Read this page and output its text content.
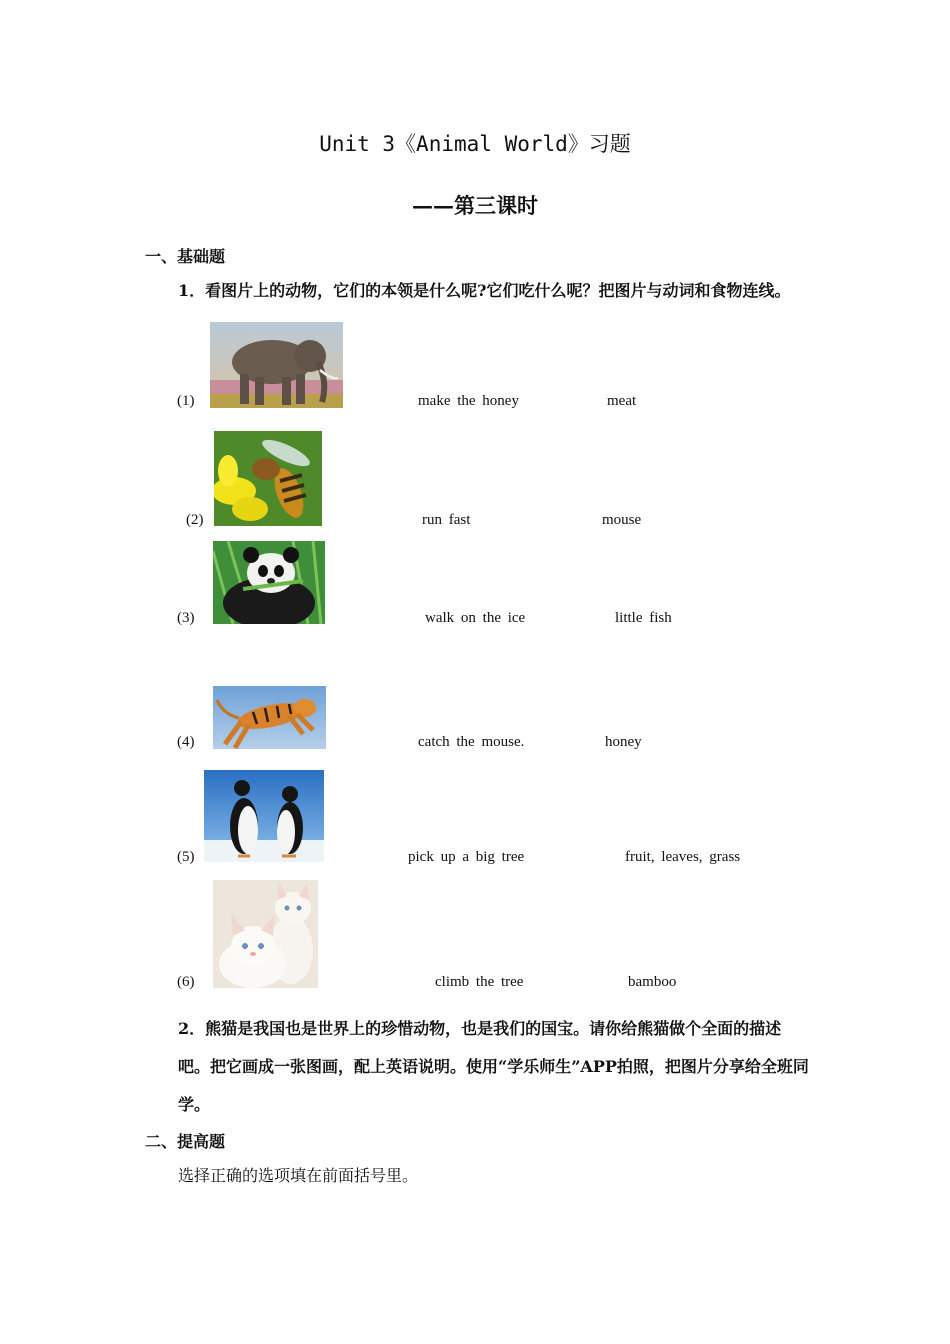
Unit 3《Animal World》习题
——第三课时
一、基础题
1．看图片上的动物，它们的本领是什么呢?它们吃什么呢？把图片与动词和食物连线。
(1)	make the honey	meat
(2)	run fast	mouse
(3)	walk on the ice	little fish
(4)	catch the mouse.	honey
(5)	pick up a big tree	fruit, leaves, grass
(6)	climb the tree	bamboo
2．熊猫是我国也是世界上的珍惜动物，也是我们的国宝。请你给熊猫做个全面的描述吧。把它画成一张图画，配上英语说明。使用“学乐师生”APP拍照，把图片分享给全班同学。
二、提高题
选择正确的选项填在前面括号里。
